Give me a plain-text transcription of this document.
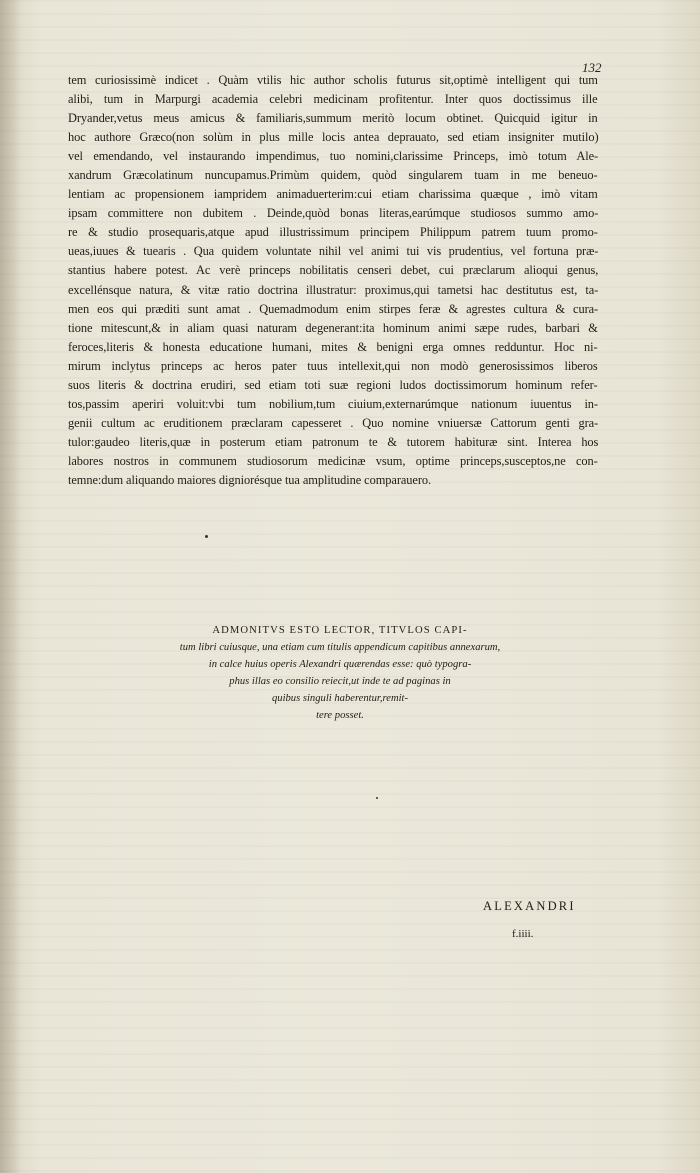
132

tem curiosissimè indicet . Quàm vtilis hic author scholis futurus sit,optimè intelligent qui tum
alibi, tum in Marpurgi academia celebri medicinam profitentur. Inter quos doctissimus ille
Dryander,vetus meus amicus & familiaris,summum meritò locum obtinet. Quicquid igitur in
hoc authore Græco(non solùm in plus mille locis antea deprauato, sed etiam insigniter mutilo)
vel emendando, vel instaurando impendimus, tuo nomini,clarissime Princeps, imò totum Ale-
xandrum Græcolatinum nuncupamus.Primùm quidem, quòd singularem tuam in me beneuo-
lentiam ac propensionem iampridem animaduerterim:cui etiam charissima quæque , imò vitam
ipsam committere non dubitem . Deinde,quòd bonas literas,earúmque studiosos summo amo-
re & studio prosequaris,atque apud illustrissimum principem Philippum patrem tuum promo-
ueas,iuues & tuearis . Qua quidem voluntate nihil vel animi tui vis prudentius, vel fortuna præ-
stantius habere potest. Ac verè princeps nobilitatis censeri debet, cui præclarum alioqui genus,
excellénsque natura, & vitæ ratio doctrina illustratur: proximus,qui tametsi hac destitutus est, ta-
men eos qui præditi sunt amat . Quemadmodum enim stirpes feræ & agrestes cultura & cura-
tione mitescunt,& in aliam quasi naturam degenerant:ita hominum animi sæpe rudes, barbari &
feroces,literis & honesta educatione humani, mites & benigni erga omnes redduntur. Hoc ni-
mirum inclytus princeps ac heros pater tuus intellexit,qui non modò generosissimos liberos
suos literis & doctrina erudiri, sed etiam toti suæ regioni ludos doctissimorum hominum refer-
tos,passim aperiri voluit:vbi tum nobilium,tum ciuium,externarúmque nationum iuuentus in-
genii cultum ac eruditionem præclaram capesseret . Quo nomine vniuersæ Cattorum genti gra-
tulor:gaudeo literis,quæ in posterum etiam patronum te & tutorem habituræ sint. Interea hos
labores nostros in communem studiosorum medicinæ vsum, optime princeps,susceptos,ne con-
temne:dum aliquando maiores digniorésque tua amplitudine comparauero.

ADMONITVS ESTO LECTOR, TITVLOS CAPI-
tum libri cuiusque, una etiam cum titulis appendicum capitibus annexarum,
in calce huius operis Alexandri quærendas esse: quò typogra-
phus illas eo consilio reiecit,ut inde te ad paginas in
quibus singuli haberentur,remit-
tere posset.
ALEXANDRI
f.iiii.
